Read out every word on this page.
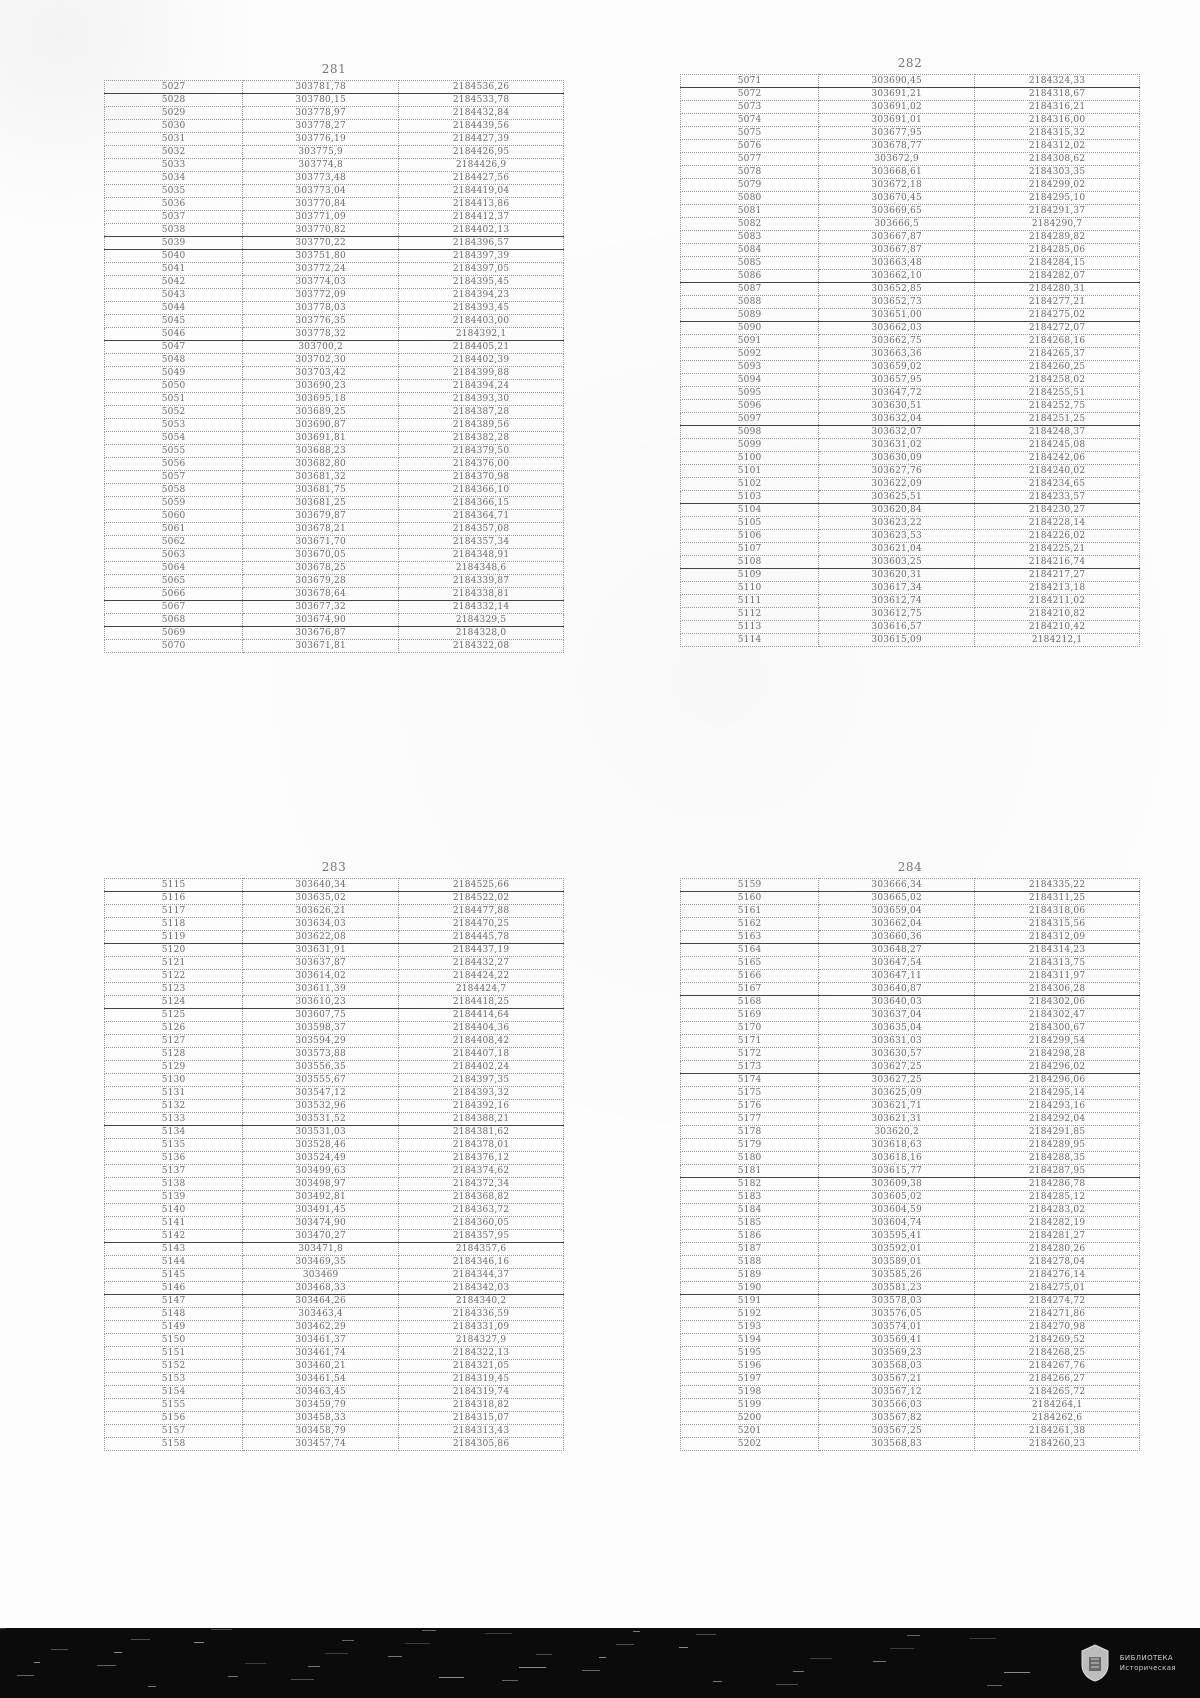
281
5027	303781,78	2184536,26
5028	303780,15	2184533,78
5029	303778,97	2184432,84
5030	303778,27	2184439,56
5031	303776,19	2184427,39
5032	303775,9	2184426,95
5033	303774,8	2184426,9
5034	303773,48	2184427,56
5035	303773,04	2184419,04
5036	303770,84	2184413,86
5037	303771,09	2184412,37
5038	303770,82	2184402,13
5039	303770,22	2184396,57
5040	303751,80	2184397,39
5041	303772,24	2184397,05
5042	303774,03	2184395,45
5043	303772,09	2184394,23
5044	303778,03	2184393,45
5045	303776,35	2184403,00
5046	303778,32	2184392,1
5047	303700,2	2184405,21
5048	303702,30	2184402,39
5049	303703,42	2184399,88
5050	303690,23	2184394,24
5051	303695,18	2184393,30
5052	303689,25	2184387,28
5053	303690,87	2184389,56
5054	303691,81	2184382,28
5055	303688,23	2184379,50
5056	303682,80	2184376,00
5057	303681,32	2184370,98
5058	303681,75	2184366,10
5059	303681,25	2184366,15
5060	303679,87	2184364,71
5061	303678,21	2184357,08
5062	303671,70	2184357,34
5063	303670,05	2184348,91
5064	303678,25	2184348,6
5065	303679,28	2184339,87
5066	303678,64	2184338,81
5067	303677,32	2184332,14
5068	303674,90	2184329,5
5069	303676,87	2184328,0
5070	303671,81	2184322,08
282
5071	303690,45	2184324,33
5072	303691,21	2184318,67
5073	303691,02	2184316,21
5074	303691,01	2184316,00
5075	303677,95	2184315,32
5076	303678,77	2184312,02
5077	303672,9	2184308,62
5078	303668,61	2184303,35
5079	303672,18	2184299,02
5080	303670,45	2184295,10
5081	303669,65	2184291,37
5082	303666,5	2184290,7
5083	303667,87	2184289,82
5084	303667,87	2184285,06
5085	303663,48	2184284,15
5086	303662,10	2184282,07
5087	303652,85	2184280,31
5088	303652,73	2184277,21
5089	303651,00	2184275,02
5090	303662,03	2184272,07
5091	303662,75	2184268,16
5092	303663,36	2184265,37
5093	303659,02	2184260,25
5094	303657,95	2184258,02
5095	303647,72	2184255,51
5096	303630,51	2184252,75
5097	303632,04	2184251,25
5098	303632,07	2184248,37
5099	303631,02	2184245,08
5100	303630,09	2184242,06
5101	303627,76	2184240,02
5102	303622,09	2184234,65
5103	303625,51	2184233,57
5104	303620,84	2184230,27
5105	303623,22	2184228,14
5106	303623,53	2184226,02
5107	303621,04	2184225,21
5108	303603,25	2184216,74
5109	303620,31	2184217,27
5110	303617,34	2184213,18
5111	303612,74	2184211,02
5112	303612,75	2184210,82
5113	303616,57	2184210,42
5114	303615,09	2184212,1
283
5115	303640,34	2184525,66
5116	303635,02	2184522,02
5117	303626,21	2184477,88
5118	303634,03	2184470,25
5119	303622,08	2184445,78
5120	303631,91	2184437,19
5121	303637,87	2184432,27
5122	303614,02	2184424,22
5123	303611,39	2184424,7
5124	303610,23	2184418,25
5125	303607,75	2184414,64
5126	303598,37	2184404,36
5127	303594,29	2184408,42
5128	303573,88	2184407,18
5129	303556,35	2184402,24
5130	303555,67	2184397,35
5131	303547,12	2184393,32
5132	303532,96	2184392,16
5133	303531,52	2184388,21
5134	303531,03	2184381,62
5135	303528,46	2184378,01
5136	303524,49	2184376,12
5137	303499,63	2184374,62
5138	303498,97	2184372,34
5139	303492,81	2184368,82
5140	303491,45	2184363,72
5141	303474,90	2184360,05
5142	303470,27	2184357,95
5143	303471,8	2184357,6
5144	303469,35	2184346,16
5145	303469	2184344,37
5146	303468,33	2184342,03
5147	303464,26	2184340,2
5148	303463,4	2184336,59
5149	303462,29	2184331,09
5150	303461,37	2184327,9
5151	303461,74	2184322,13
5152	303460,21	2184321,05
5153	303461,54	2184319,45
5154	303463,45	2184319,74
5155	303459,79	2184318,82
5156	303458,33	2184315,07
5157	303458,79	2184313,43
5158	303457,74	2184305,86
284
5159	303666,34	2184335,22
5160	303665,02	2184311,25
5161	303659,04	2184318,06
5162	303662,04	2184315,56
5163	303660,36	2184312,09
5164	303648,27	2184314,23
5165	303647,54	2184313,75
5166	303647,11	2184311,97
5167	303640,87	2184306,28
5168	303640,03	2184302,06
5169	303637,04	2184302,47
5170	303635,04	2184300,67
5171	303631,03	2184299,54
5172	303630,57	2184298,28
5173	303627,25	2184296,02
5174	303627,25	2184296,06
5175	303625,09	2184295,14
5176	303621,71	2184293,16
5177	303621,31	2184292,04
5178	303620,2	2184291,85
5179	303618,63	2184289,95
5180	303618,16	2184288,35
5181	303615,77	2184287,95
5182	303609,38	2184286,78
5183	303605,02	2184285,12
5184	303604,59	2184283,02
5185	303604,74	2184282,19
5186	303595,41	2184281,27
5187	303592,01	2184280,26
5188	303589,01	2184278,04
5189	303585,26	2184276,14
5190	303581,23	2184275,01
5191	303578,03	2184274,72
5192	303576,05	2184271,86
5193	303574,01	2184270,98
5194	303569,41	2184269,52
5195	303569,23	2184268,25
5196	303568,03	2184267,76
5197	303567,21	2184266,27
5198	303567,12	2184265,72
5199	303566,03	2184264,1
5200	303567,82	2184262,6
5201	303567,25	2184261,38
5202	303568,83	2184260,23
БИБЛИОТЕКА
Историческая
